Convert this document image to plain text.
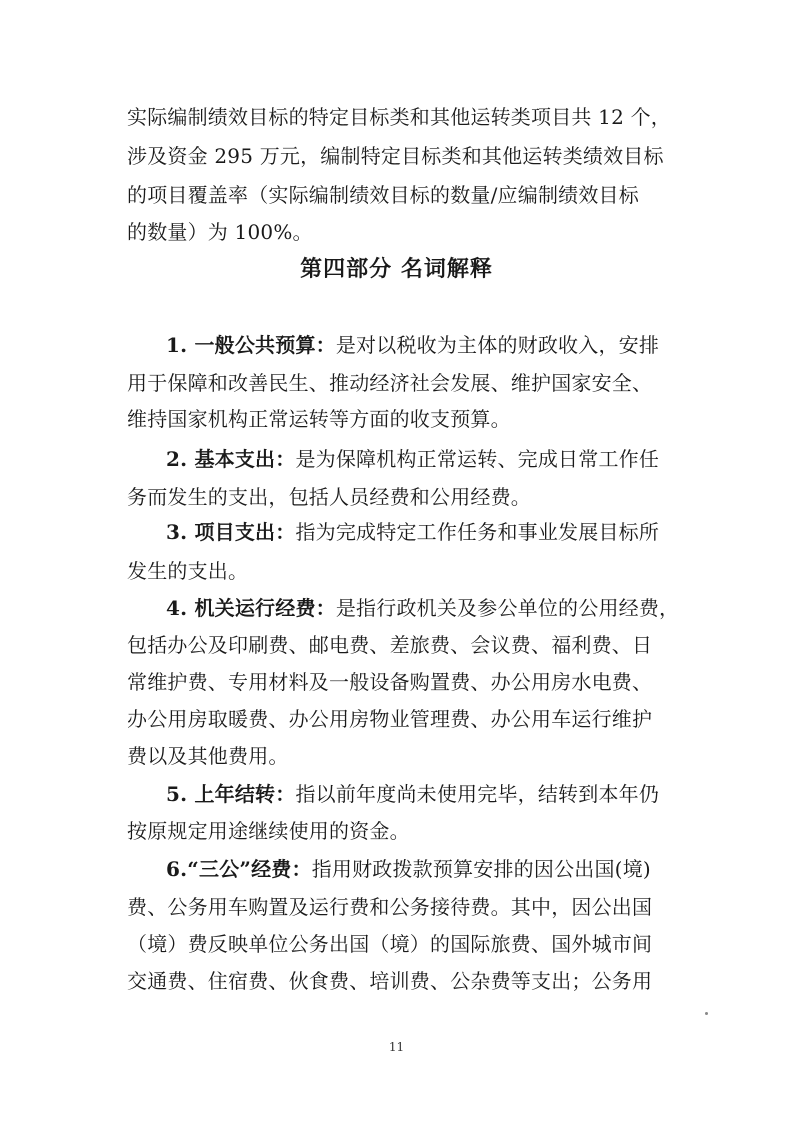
实际编制绩效目标的特定目标类和其他运转类项目共 12 个，
涉及资金 295 万元，编制特定目标类和其他运转类绩效目标
的项目覆盖率（实际编制绩效目标的数量/应编制绩效目标
的数量）为 100%。
第四部分 名词解释
1. 一般公共预算：是对以税收为主体的财政收入，安排
用于保障和改善民生、推动经济社会发展、维护国家安全、
维持国家机构正常运转等方面的收支预算。
2. 基本支出：是为保障机构正常运转、完成日常工作任
务而发生的支出，包括人员经费和公用经费。
3. 项目支出：指为完成特定工作任务和事业发展目标所
发生的支出。
4. 机关运行经费：是指行政机关及参公单位的公用经费，
包括办公及印刷费、邮电费、差旅费、会议费、福利费、日
常维护费、专用材料及一般设备购置费、办公用房水电费、
办公用房取暖费、办公用房物业管理费、办公用车运行维护
费以及其他费用。
5. 上年结转：指以前年度尚未使用完毕，结转到本年仍
按原规定用途继续使用的资金。
6.“三公”经费：指用财政拨款预算安排的因公出国(境)
费、公务用车购置及运行费和公务接待费。其中，因公出国
（境）费反映单位公务出国（境）的国际旅费、国外城市间
交通费、住宿费、伙食费、培训费、公杂费等支出；公务用
11
